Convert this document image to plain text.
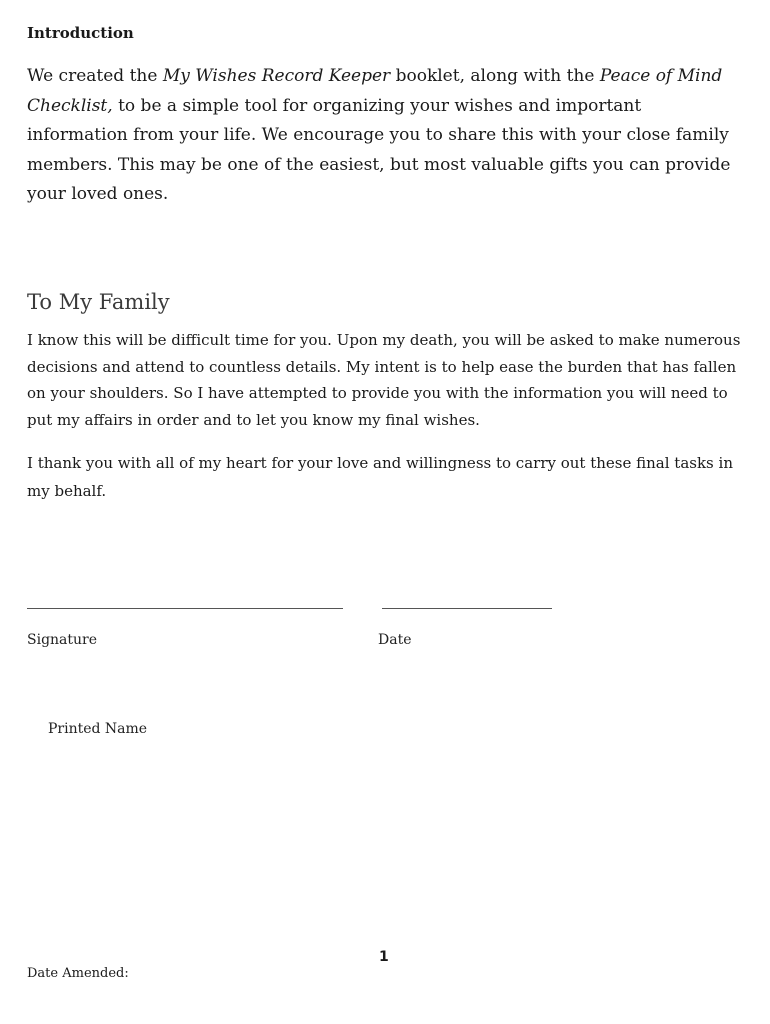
Introduction

We created the My Wishes Record Keeper booklet, along with the Peace of Mind Checklist, to be a simple tool for organizing your wishes and important information from your life. We encourage you to share this with your close family members. This may be one of the easiest, but most valuable gifts you can provide your loved ones.

To My Family

I know this will be difficult time for you. Upon my death, you will be asked to make numerous decisions and attend to countless details. My intent is to help ease the burden that has fallen on your shoulders. So I have attempted to provide you with the information you will need to put my affairs in order and to let you know my final wishes.

I thank you with all of my heart for your love and willingness to carry out these final tasks in my behalf.

Signature	Date
Printed Name
1
Date Amended:
